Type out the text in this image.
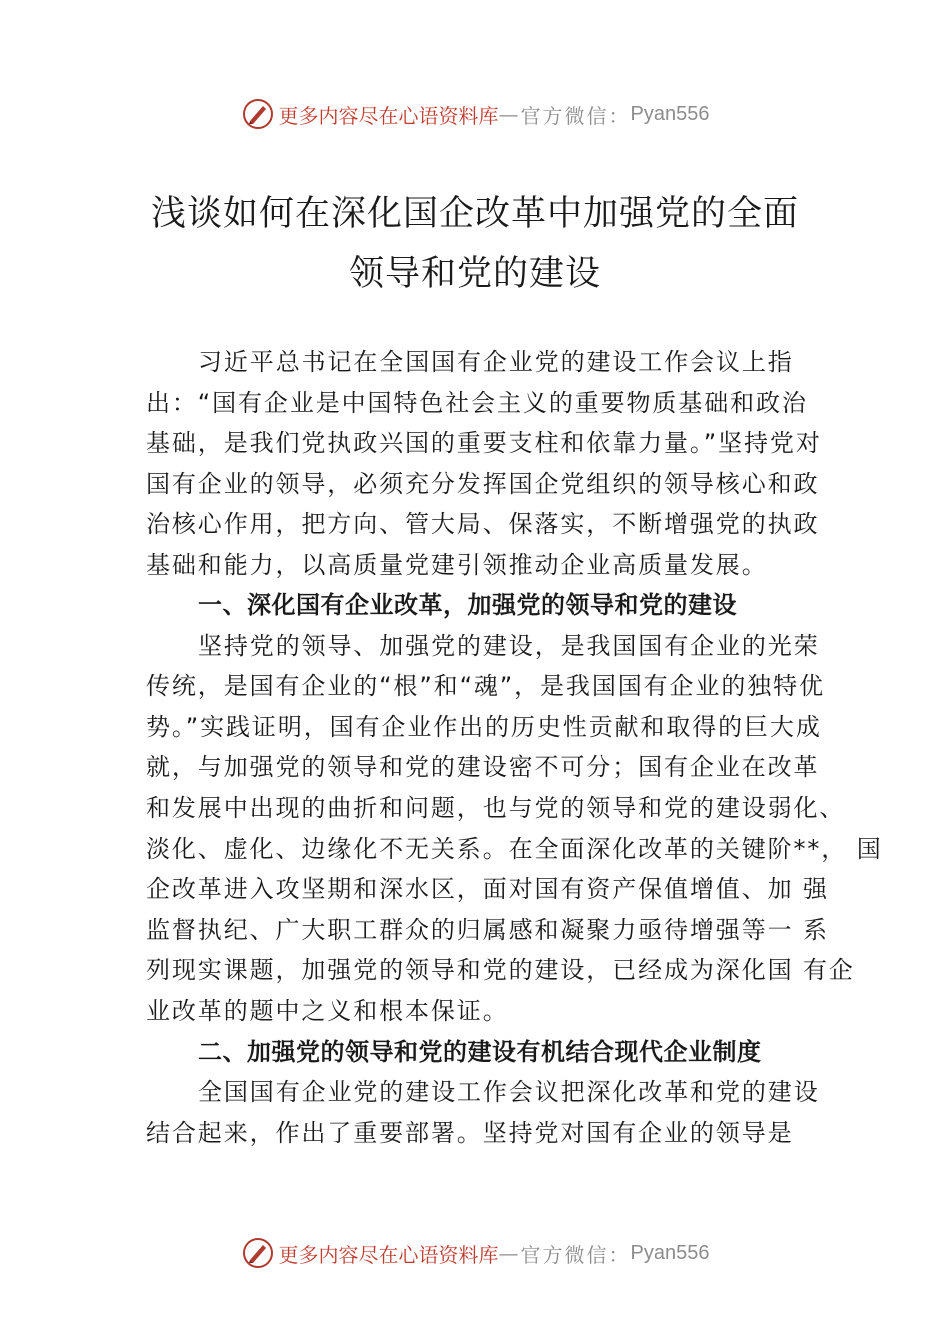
更多内容尽在心语资料库 — 官方微信： Pyan556
浅谈如何在深化国企改革中加强党的全面
领导和党的建设
习近平总书记在全国国有企业党的建设工作会议上指
出：“国有企业是中国特色社会主义的重要物质基础和政治
基础，是我们党执政兴国的重要支柱和依靠力量。”坚持党对
国有企业的领导，必须充分发挥国企党组织的领导核心和政
治核心作用，把方向、管大局、保落实，不断增强党的执政
基础和能力，以高质量党建引领推动企业高质量发展。
一、深化国有企业改革，加强党的领导和党的建设
坚持党的领导、加强党的建设，是我国国有企业的光荣
传统，是国有企业的“根”和“魂”，是我国国有企业的独特优
势。”实践证明，国有企业作出的历史性贡献和取得的巨大成
就，与加强党的领导和党的建设密不可分；国有企业在改革
和发展中出现的曲折和问题，也与党的领导和党的建设弱化、
淡化、虚化、边缘化不无关系。在全面深化改革的关键阶**， 国
企改革进入攻坚期和深水区，面对国有资产保值增值、加 强
监督执纪、广大职工群众的归属感和凝聚力亟待增强等一 系
列现实课题，加强党的领导和党的建设，已经成为深化国 有企
业改革的题中之义和根本保证。
二、加强党的领导和党的建设有机结合现代企业制度
全国国有企业党的建设工作会议把深化改革和党的建设
结合起来，作出了重要部署。坚持党对国有企业的领导是
更多内容尽在心语资料库 — 官方微信： Pyan556
